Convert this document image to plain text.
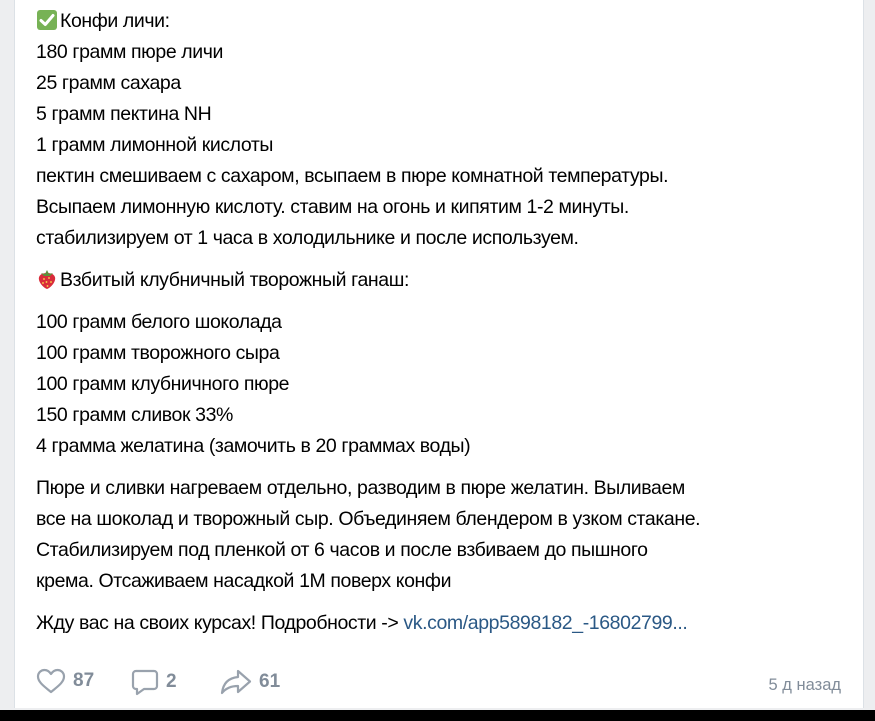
Конфи личи:
180 грамм пюре личи
25 грамм сахара
5 грамм пектина NH
1 грамм лимонной кислоты
пектин смешиваем с сахаром, всыпаем в пюре комнатной температуры.
Всыпаем лимонную кислоту. ставим на огонь и кипятим 1-2 минуты.
стабилизируем от 1 часа в холодильнике и после используем.
Взбитый клубничный творожный ганаш:
100 грамм белого шоколада
100 грамм творожного сыра
100 грамм клубничного пюре
150 грамм сливок 33%
4 грамма желатина (замочить в 20 граммах воды)
Пюре и сливки нагреваем отдельно, разводим в пюре желатин. Выливаем
все на шоколад и творожный сыр. Объединяем блендером в узком стакане.
Стабилизируем под пленкой от 6 часов и после взбиваем до пышного
крема. Отсаживаем насадкой 1М поверх конфи
Жду вас на своих курсах! Подробности -> vk.com/app5898182_-16802799...
87	2	61	5 д назад
